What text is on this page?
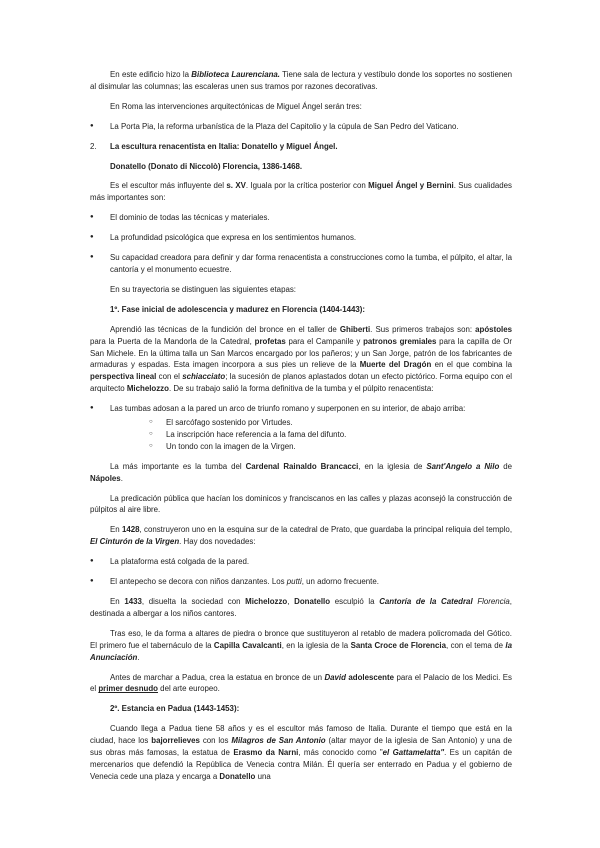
En este edificio hizo la Biblioteca Laurenciana. Tiene sala de lectura y vestíbulo donde los soportes no sostienen al disimular las columnas; las escaleras unen sus tramos por razones decorativas.

En Roma las intervenciones arquitectónicas de Miguel Ángel serán tres:

● La Porta Pia, la reforma urbanística de la Plaza del Capitolio y la cúpula de San Pedro del Vaticano.
2. La escultura renacentista en Italia: Donatello y Miguel Ángel.

Donatello (Donato di Niccolò) Florencia, 1386-1468.

Es el escultor más influyente del s. XV. Iguala por la crítica posterior con Miguel Ángel y Bernini. Sus cualidades más importantes son:

● El dominio de todas las técnicas y materiales.
● La profundidad psicológica que expresa en los sentimientos humanos.
● Su capacidad creadora para definir y dar forma renacentista a construcciones como la tumba, el púlpito, el altar, la cantoría y el monumento ecuestre.

En su trayectoria se distinguen las siguientes etapas:

1º. Fase inicial de adolescencia y madurez en Florencia (1404-1443):

Aprendió las técnicas de la fundición del bronce en el taller de Ghiberti. Sus primeros trabajos son: apóstoles para la Puerta de la Mandorla de la Catedral, profetas para el Campanile y patronos gremiales para la capilla de Or San Michele. En la última talla un San Marcos encargado por los pañeros; y un San Jorge, patrón de los fabricantes de armaduras y espadas. Esta imagen incorpora a sus pies un relieve de la Muerte del Dragón en el que combina la perspectiva lineal con el schiacciato; la sucesión de planos aplastados dotan un efecto pictórico. Forma equipo con el arquitecto Michelozzo. De su trabajo salió la forma definitiva de la tumba y el púlpito renacentista:

● Las tumbas adosan a la pared un arco de triunfo romano y superponen en su interior, de abajo arriba:
○ El sarcófago sostenido por Virtudes.
○ La inscripción hace referencia a la fama del difunto.
○ Un tondo con la imagen de la Virgen.

La más importante es la tumba del Cardenal Rainaldo Brancacci, en la iglesia de Sant'Angelo a Nilo de Nápoles.

La predicación pública que hacían los dominicos y franciscanos en las calles y plazas aconsejó la construcción de púlpitos al aire libre.

En 1428, construyeron uno en la esquina sur de la catedral de Prato, que guardaba la principal reliquia del templo, El Cinturón de la Virgen. Hay dos novedades:

● La plataforma está colgada de la pared.
● El antepecho se decora con niños danzantes. Los putti, un adorno frecuente.

En 1433, disuelta la sociedad con Michelozzo, Donatello esculpió la Cantoría de la Catedral Florencia, destinada a albergar a los niños cantores.

Tras eso, le da forma a altares de piedra o bronce que sustituyeron al retablo de madera policromada del Gótico. El primero fue el tabernáculo de la Capilla Cavalcanti, en la iglesia de la Santa Croce de Florencia, con el tema de la Anunciación.

Antes de marchar a Padua, crea la estatua en bronce de un David adolescente para el Palacio de los Medici. Es el primer desnudo del arte europeo.

2º. Estancia en Padua (1443-1453):

Cuando llega a Padua tiene 58 años y es el escultor más famoso de Italia. Durante el tiempo que está en la ciudad, hace los bajorrelieves con los Milagros de San Antonio (altar mayor de la iglesia de San Antonio) y una de sus obras más famosas, la estatua de Erasmo da Narni, más conocido como "el Gattamelatta". Es un capitán de mercenarios que defendió la República de Venecia contra Milán. Él quería ser enterrado en Padua y el gobierno de Venecia cede una plaza y encarga a Donatello una
